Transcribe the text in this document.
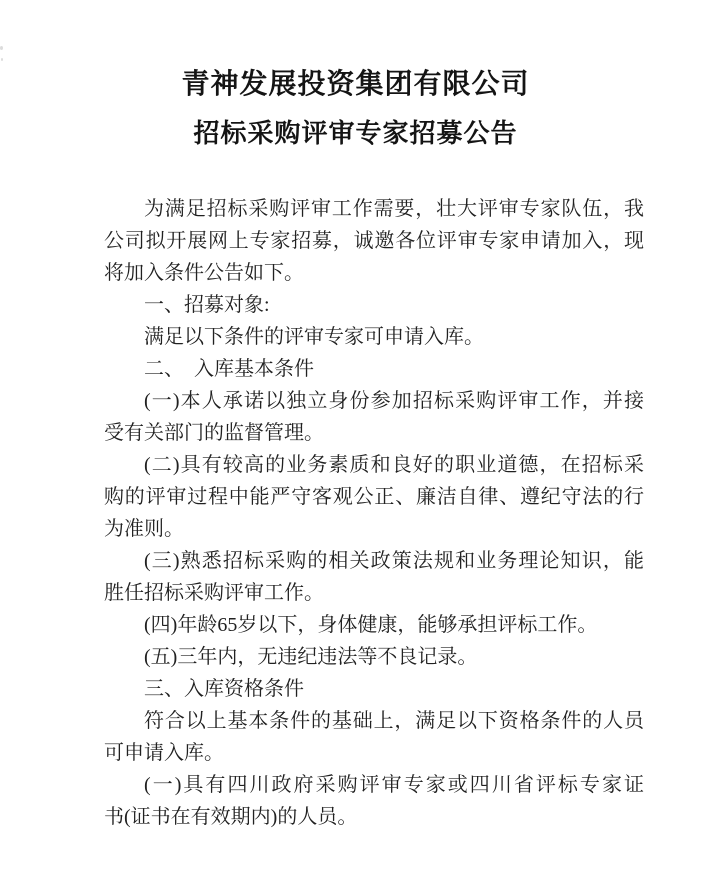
青神发展投资集团有限公司
招标采购评审专家招募公告
为满足招标采购评审工作需要，壮大评审专家队伍，我
公司拟开展网上专家招募，诚邀各位评审专家申请加入，现
将加入条件公告如下。
一、招募对象:
满足以下条件的评审专家可申请入库。
二、　入库基本条件
(一)本人承诺以独立身份参加招标采购评审工作，并接
受有关部门的监督管理。
(二)具有较高的业务素质和良好的职业道德，在招标采
购的评审过程中能严守客观公正、廉洁自律、遵纪守法的行
为准则。
(三)熟悉招标采购的相关政策法规和业务理论知识，能
胜任招标采购评审工作。
(四)年龄65岁以下，身体健康，能够承担评标工作。
(五)三年内，无违纪违法等不良记录。
三、入库资格条件
符合以上基本条件的基础上，满足以下资格条件的人员
可申请入库。
(一)具有四川政府采购评审专家或四川省评标专家证
书(证书在有效期内)的人员。
